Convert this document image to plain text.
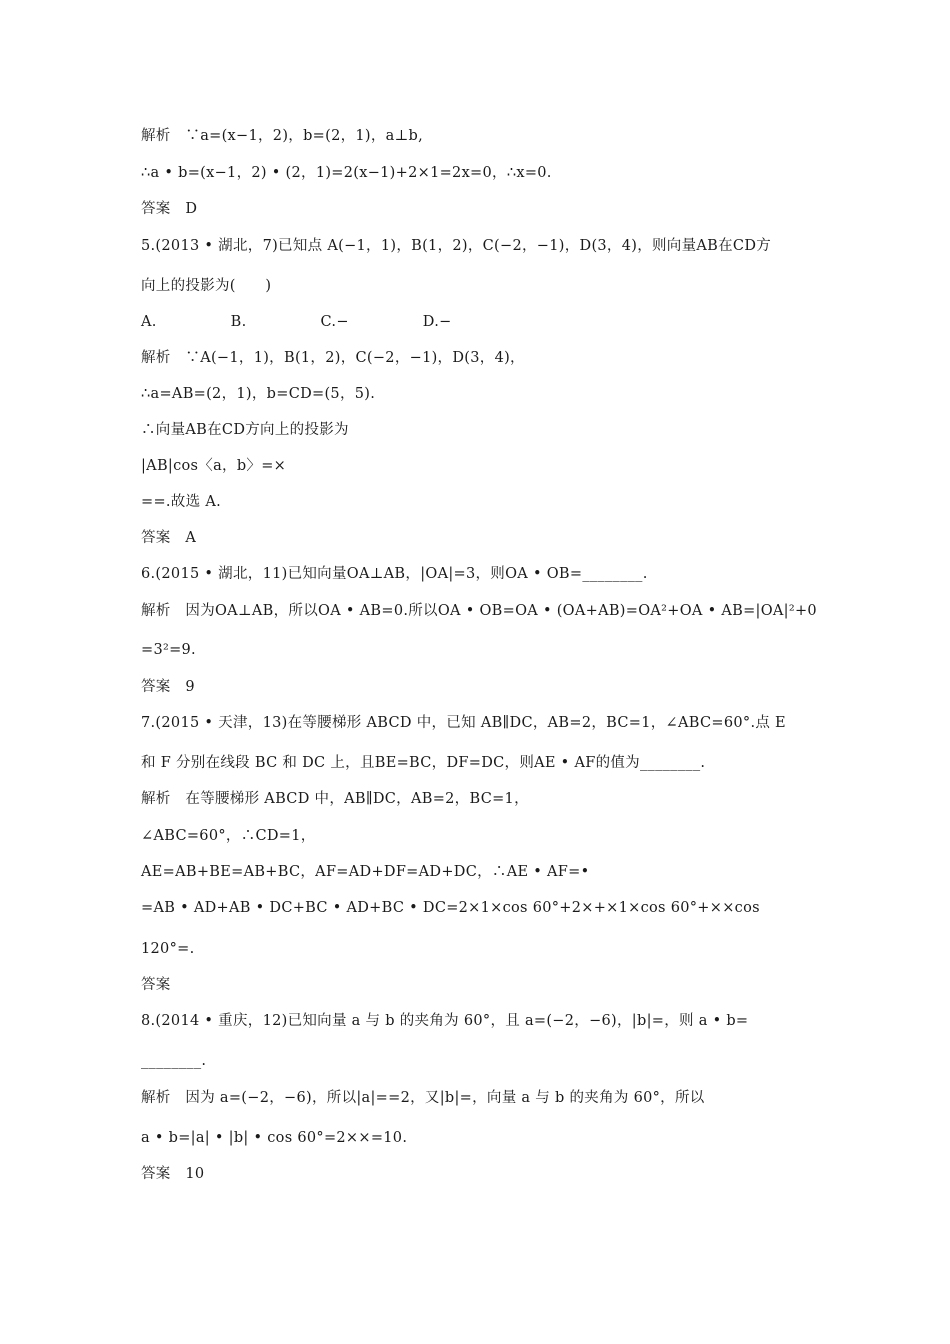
解析　∵a=(x−1，2)，b=(2，1)，a⊥b,
∴a • b=(x−1，2) • (2，1)=2(x−1)+2×1=2x=0，∴x=0.
答案　D
5.(2013 • 湖北，7)已知点 A(−1，1)，B(1，2)，C(−2，−1)，D(3，4)，则向量AB在CD方
向上的投影为(　　)
A.　　　　　B.　　　　　C.−　　　　　D.−
解析　∵A(−1，1)，B(1，2)，C(−2，−1)，D(3，4)，
∴a=AB=(2，1)，b=CD=(5，5).
∴向量AB在CD方向上的投影为
|AB|cos〈a，b〉=×
==.故选 A.
答案　A
6.(2015 • 湖北，11)已知向量OA⊥AB，|OA|=3，则OA • OB=________.
解析　因为OA⊥AB，所以OA • AB=0.所以OA • OB=OA • (OA+AB)=OA²+OA • AB=|OA|²+0
=3²=9.
答案　9
7.(2015 • 天津，13)在等腰梯形 ABCD 中，已知 AB∥DC，AB=2，BC=1，∠ABC=60°.点 E
和 F 分别在线段 BC 和 DC 上，且BE=BC，DF=DC，则AE • AF的值为________.
解析　在等腰梯形 ABCD 中，AB∥DC，AB=2，BC=1，
∠ABC=60°，∴CD=1，
AE=AB+BE=AB+BC，AF=AD+DF=AD+DC，∴AE • AF=•
=AB • AD+AB • DC+BC • AD+BC • DC=2×1×cos 60°+2×+×1×cos 60°+××cos
120°=.
答案
8.(2014 • 重庆，12)已知向量 a 与 b 的夹角为 60°，且 a=(−2，−6)，|b|=，则 a • b=
________.
解析　因为 a=(−2，−6)，所以|a|==2，又|b|=，向量 a 与 b 的夹角为 60°，所以
a • b=|a| • |b| • cos 60°=2××=10.
答案　10
